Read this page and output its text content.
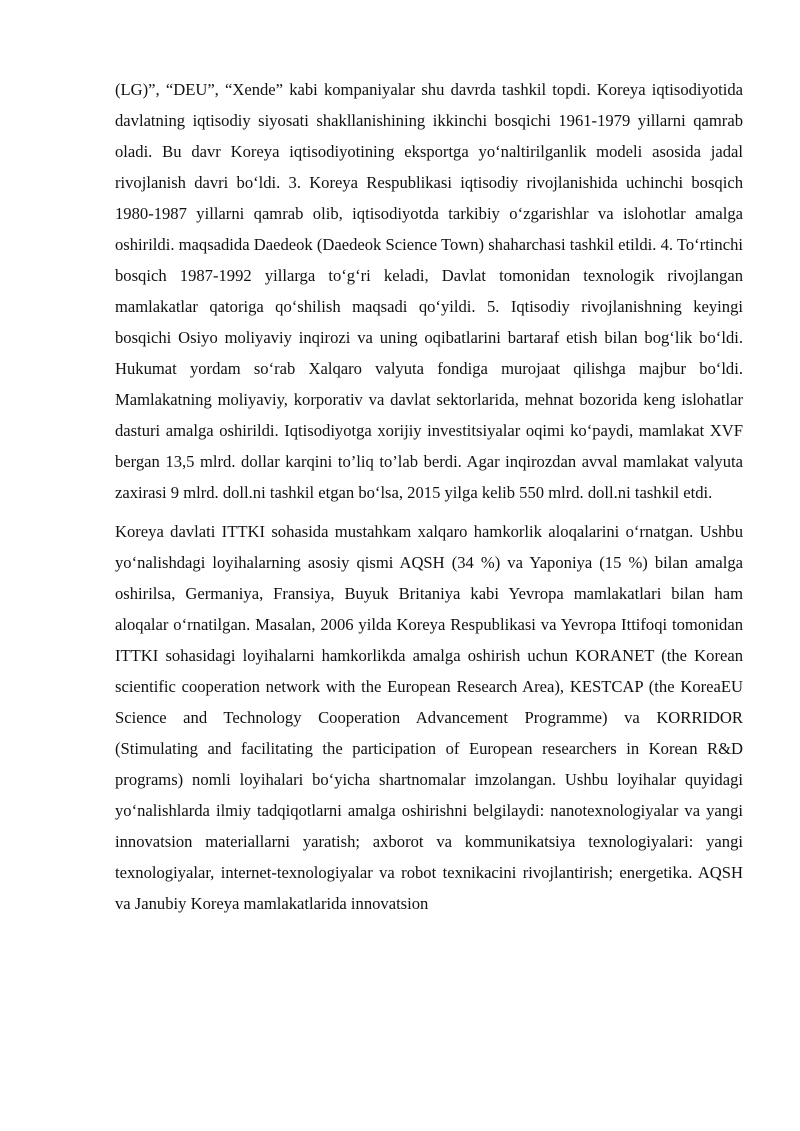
(LG)”, “DEU”, “Xende” kabi kompaniyalar shu davrda tashkil topdi. Koreya iqtisodiyotida davlatning iqtisodiy siyosati shakllanishining ikkinchi bosqichi 1961-1979 yillarni qamrab oladi. Bu davr Koreya iqtisodiyotining eksportga yo‘naltirilganlik modeli asosida jadal rivojlanish davri bo‘ldi. 3. Koreya Respublikasi iqtisodiy rivojlanishida uchinchi bosqich 1980-1987 yillarni qamrab olib, iqtisodiyotda tarkibiy o‘zgarishlar va islohotlar amalga oshirildi. maqsadida Daedeok (Daedeok Science Town) shaharchasi tashkil etildi. 4. To‘rtinchi bosqich 1987-1992 yillarga to‘g‘ri keladi, Davlat tomonidan texnologik rivojlangan mamlakatlar qatoriga qo‘shilish maqsadi qo‘yildi. 5. Iqtisodiy rivojlanishning keyingi bosqichi Osiyo moliyaviy inqirozi va uning oqibatlarini bartaraf etish bilan bog‘lik bo‘ldi. Hukumat yordam so‘rab Xalqaro valyuta fondiga murojaat qilishga majbur bo‘ldi. Mamlakatning moliyaviy, korporativ va davlat sektorlarida, mehnat bozorida keng islohatlar dasturi amalga oshirildi. Iqtisodiyotga xorijiy investitsiyalar oqimi ko‘paydi, mamlakat XVF bergan 13,5 mlrd. dollar karqini to’liq to’lab berdi. Agar inqirozdan avval mamlakat valyuta zaxirasi 9 mlrd. doll.ni tashkil etgan bo‘lsa, 2015 yilga kelib 550 mlrd. doll.ni tashkil etdi.

Koreya davlati ITTKI sohasida mustahkam xalqaro hamkorlik aloqalarini o‘rnatgan. Ushbu yo‘nalishdagi loyihalarning asosiy qismi AQSH (34 %) va Yaponiya (15 %) bilan amalga oshirilsa, Germaniya, Fransiya, Buyuk Britaniya kabi Yevropa mamlakatlari bilan ham aloqalar o‘rnatilgan. Masalan, 2006 yilda Koreya Respublikasi va Yevropa Ittifoqi tomonidan ITTKI sohasidagi loyihalarni hamkorlikda amalga oshirish uchun KORANET (the Korean scientific cooperation network with the European Research Area), KESTCAP (the KoreaEU Science and Technology Cooperation Advancement Programme) va KORRIDOR (Stimulating and facilitating the participation of European researchers in Korean R&D programs) nomli loyihalari bo‘yicha shartnomalar imzolangan. Ushbu loyihalar quyidagi yo‘nalishlarda ilmiy tadqiqotlarni amalga oshirishni belgilaydi: nanotexnologiyalar va yangi innovatsion materiallarni yaratish; axborot va kommunikatsiya texnologiyalari: yangi texnologiyalar, internet-texnologiyalar va robot texnikacini rivojlantirish; energetika. AQSH va Janubiy Koreya mamlakatlarida innovatsion
